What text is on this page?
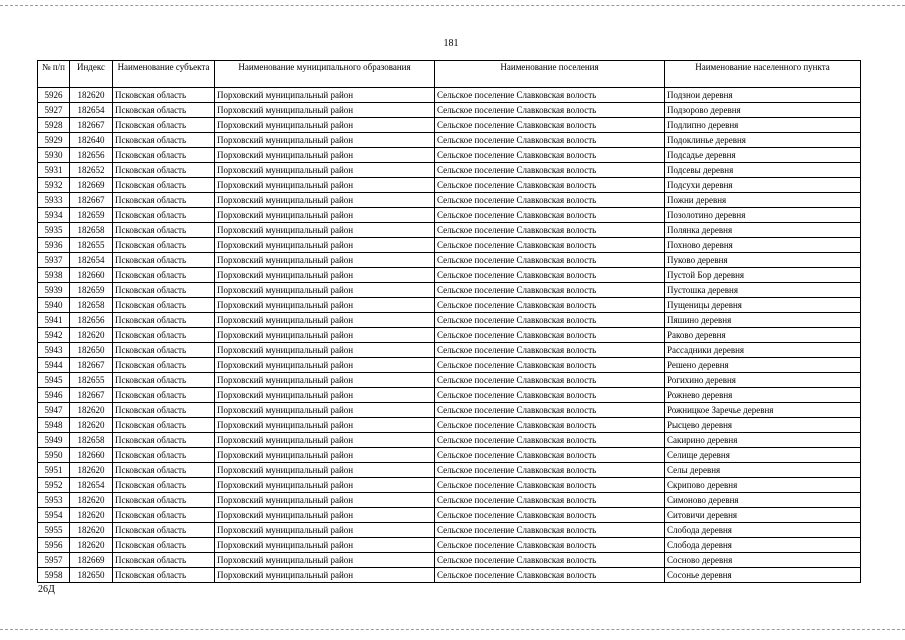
181
№ п/п	Индекс	Наименование субъекта	Наименование муниципального образования	Наименование поселения	Наименование населенного пункта
5926	182620	Псковская область	Порховский муниципальный район	Сельское поселение Славковская волость	Подзнои деревня
5927	182654	Псковская область	Порховский муниципальный район	Сельское поселение Славковская волость	Подзорово деревня
5928	182667	Псковская область	Порховский муниципальный район	Сельское поселение Славковская волость	Подлипно деревня
5929	182640	Псковская область	Порховский муниципальный район	Сельское поселение Славковская волость	Подоклинье деревня
5930	182656	Псковская область	Порховский муниципальный район	Сельское поселение Славковская волость	Подсадье деревня
5931	182652	Псковская область	Порховский муниципальный район	Сельское поселение Славковская волость	Подсевы деревня
5932	182669	Псковская область	Порховский муниципальный район	Сельское поселение Славковская волость	Подсухи деревня
5933	182667	Псковская область	Порховский муниципальный район	Сельское поселение Славковская волость	Пожни деревня
5934	182659	Псковская область	Порховский муниципальный район	Сельское поселение Славковская волость	Позолотино деревня
5935	182658	Псковская область	Порховский муниципальный район	Сельское поселение Славковская волость	Полянка деревня
5936	182655	Псковская область	Порховский муниципальный район	Сельское поселение Славковская волость	Похново деревня
5937	182654	Псковская область	Порховский муниципальный район	Сельское поселение Славковская волость	Пуково деревня
5938	182660	Псковская область	Порховский муниципальный район	Сельское поселение Славковская волость	Пустой Бор деревня
5939	182659	Псковская область	Порховский муниципальный район	Сельское поселение Славковская волость	Пустошка деревня
5940	182658	Псковская область	Порховский муниципальный район	Сельское поселение Славковская волость	Пущеницы деревня
5941	182656	Псковская область	Порховский муниципальный район	Сельское поселение Славковская волость	Пяшино деревня
5942	182620	Псковская область	Порховский муниципальный район	Сельское поселение Славковская волость	Раково деревня
5943	182650	Псковская область	Порховский муниципальный район	Сельское поселение Славковская волость	Рассадники деревня
5944	182667	Псковская область	Порховский муниципальный район	Сельское поселение Славковская волость	Решено деревня
5945	182655	Псковская область	Порховский муниципальный район	Сельское поселение Славковская волость	Рогихино деревня
5946	182667	Псковская область	Порховский муниципальный район	Сельское поселение Славковская волость	Рожнево деревня
5947	182620	Псковская область	Порховский муниципальный район	Сельское поселение Славковская волость	Рожницкое Заречье деревня
5948	182620	Псковская область	Порховский муниципальный район	Сельское поселение Славковская волость	Рысцево деревня
5949	182658	Псковская область	Порховский муниципальный район	Сельское поселение Славковская волость	Сакирино деревня
5950	182660	Псковская область	Порховский муниципальный район	Сельское поселение Славковская волость	Селище деревня
5951	182620	Псковская область	Порховский муниципальный район	Сельское поселение Славковская волость	Селы деревня
5952	182654	Псковская область	Порховский муниципальный район	Сельское поселение Славковская волость	Скрипово деревня
5953	182620	Псковская область	Порховский муниципальный район	Сельское поселение Славковская волость	Симоново деревня
5954	182620	Псковская область	Порховский муниципальный район	Сельское поселение Славковская волость	Ситовичи деревня
5955	182620	Псковская область	Порховский муниципальный район	Сельское поселение Славковская волость	Слобода деревня
5956	182620	Псковская область	Порховский муниципальный район	Сельское поселение Славковская волость	Слобода деревня
5957	182669	Псковская область	Порховский муниципальный район	Сельское поселение Славковская волость	Сосново деревня
5958	182650	Псковская область	Порховский муниципальный район	Сельское поселение Славковская волость	Сосонье деревня
26Д
